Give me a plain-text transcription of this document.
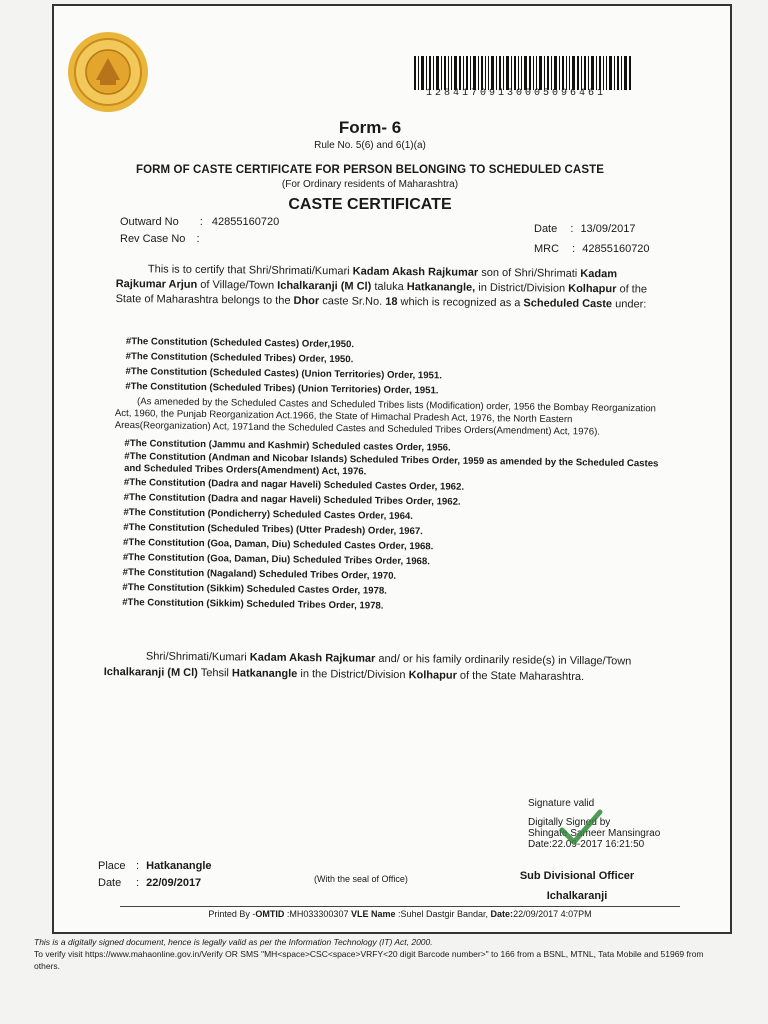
12841709130005096461
Form- 6
Rule No. 5(6) and 6(1)(a)
FORM OF CASTE CERTIFICATE FOR PERSON BELONGING TO SCHEDULED CASTE
(For Ordinary residents of Maharashtra)
CASTE CERTIFICATE
Outward No : 42855160720
Rev Case No :
Date : 13/09/2017
MRC : 42855160720
This is to certify that Shri/Shrimati/Kumari Kadam Akash Rajkumar son of Shri/Shrimati Kadam Rajkumar Arjun of Village/Town Ichalkaranji (M Cl) taluka Hatkanangle, in District/Division Kolhapur of the State of Maharashtra belongs to the Dhor caste Sr.No. 18 which is recognized as a Scheduled Caste under:
#The Constitution (Scheduled Castes) Order,1950.
#The Constitution (Scheduled Tribes) Order, 1950.
#The Constitution (Scheduled Castes) (Union Territories) Order, 1951.
#The Constitution (Scheduled Tribes) (Union Territories) Order, 1951.
(As ameneded by the Scheduled Castes and Scheduled Tribes lists (Modification) order, 1956 the Bombay Reorganization Act, 1960, the Punjab Reorganization Act.1966, the State of Himachal Pradesh Act, 1976, the North Eastern Areas(Reorganization) Act, 1971and the Scheduled Castes and Scheduled Tribes Orders(Amendment) Act, 1976).
#The Constitution (Jammu and Kashmir) Scheduled castes Order, 1956.
#The Constitution (Andman and Nicobar Islands) Scheduled Tribes Order, 1959 as amended by the Scheduled Castes and Scheduled Tribes Orders(Amendment) Act, 1976.
#The Constitution (Dadra and nagar Haveli) Scheduled Castes Order, 1962.
#The Constitution (Dadra and nagar Haveli) Scheduled Tribes Order, 1962.
#The Constitution (Pondicherry) Scheduled Castes Order, 1964.
#The Constitution (Scheduled Tribes) (Utter Pradesh) Order, 1967.
#The Constitution (Goa, Daman, Diu) Scheduled Castes Order, 1968.
#The Constitution (Goa, Daman, Diu) Scheduled Tribes Order, 1968.
#The Constitution (Nagaland) Scheduled Tribes Order, 1970.
#The Constitution (Sikkim) Scheduled Castes Order, 1978.
#The Constitution (Sikkim) Scheduled Tribes Order, 1978.
Shri/Shrimati/Kumari Kadam Akash Rajkumar and/ or his family ordinarily reside(s) in Village/Town Ichalkaranji (M Cl) Tehsil Hatkanangle in the District/Division Kolhapur of the State Maharashtra.
Signature valid
Digitally Signed by
Shingate Sameer Mansingrao
Date:22.09-2017 16:21:50
Place : Hatkanangle
Date : 22/09/2017	(With the seal of Office)	Sub Divisional Officer
Ichalkaranji
Printed By -OMTID :MH033300307 VLE Name :Suhel Dastgir Bandar, Date:22/09/2017 4:07PM
This is a digitally signed document, hence is legally valid as per the Information Technology (IT) Act, 2000.
To verify visit https://www.mahaonline.gov.in/Verify OR SMS "MH<space>CSC<space>VRFY<20 digit Barcode number>" to 166 from a BSNL, MTNL, Tata Mobile and 51969 from others.
